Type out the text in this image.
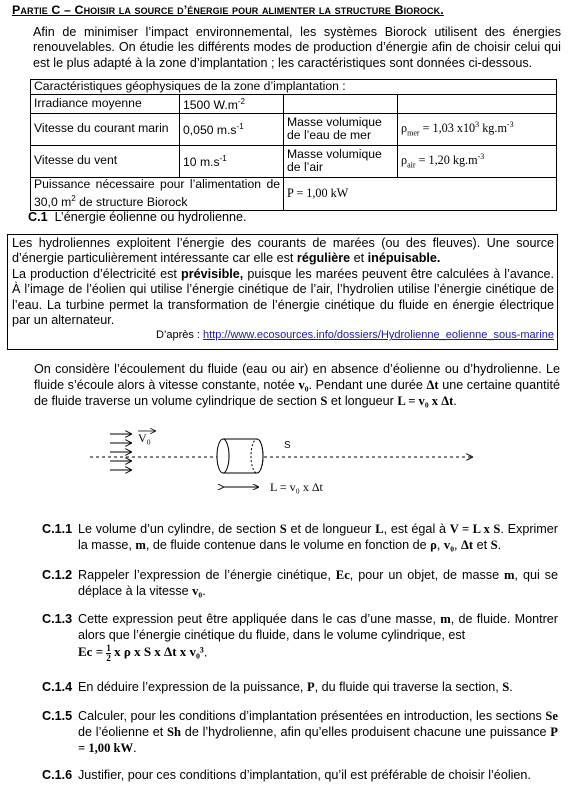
Partie C – Choisir la source d’énergie pour alimenter la structure Biorock.
Afin de minimiser l’impact environnemental, les systèmes Biorock utilisent des énergies renouvelables. On étudie les différents modes de production d’énergie afin de choisir celui qui est le plus adapté à la zone d’implantation ; les caractéristiques sont données ci-dessous.
Caractéristiques géophysiques de la zone d’implantation :			
Irradiance moyenne	1500 $W.m^{-2}$		
Vitesse du courant marin	0,050 $m.s^{-1}$	Masse volumique de l’eau de mer	$\rho_{mer} = 1,03$ $x10^3$ $kg.m^{-3}$
Vitesse du vent	10 $m.s^{-1}$	Masse volumique de l’air	$\rho_{air} = 1,20$ $kg.m^{-3}$
Puissance nécessaire pour l’alimentation de 30,0 $m^2$ de structure Biorock		P = 1,00 kW	
C.1 L’énergie éolienne ou hydrolienne.
Les hydroliennes exploitent l’énergie des courants de marées (ou des fleuves). Une source d’énergie particulièrement intéressante car elle est régulière et inépuisable.
La production d’électricité est prévisible, puisque les marées peuvent être calculées à l’avance. À l’image de l’éolien qui utilise l’énergie cinétique de l’air, l’hydrolien utilise l’énergie cinétique de l’eau. La turbine permet la transformation de l’énergie cinétique du fluide en énergie électrique par un alternateur.
D’après : http://www.ecosources.info/dossiers/Hydrolienne_eolienne_sous-marine
On considère l’écoulement du fluide (eau ou air) en absence d’éolienne ou d’hydrolienne. Le fluide s’écoule alors à vitesse constante, notée v₀. Pendant une durée Δt une certaine quantité de fluide traverse un volume cylindrique de section S et longueur L = v₀ x Δt.
V₀
S
L = v₀ x Δt
C.1.1 Le volume d’un cylindre, de section S et de longueur L, est égal à V = L x S. Exprimer la masse, m, de fluide contenue dans le volume en fonction de ρ, v₀, Δt et S.
C.1.2 Rappeler l’expression de l’énergie cinétique, Ec, pour un objet, de masse m, qui se déplace à la vitesse v₀.
C.1.3 Cette expression peut être appliquée dans le cas d’une masse, m, de fluide. Montrer alors que l’énergie cinétique du fluide, dans le volume cylindrique, est
$Ec = \frac{1}{2}$ x ρ x S x Δt x v₀³.
C.1.4 En déduire l’expression de la puissance, P, du fluide qui traverse la section, S.
C.1.5 Calculer, pour les conditions d’implantation présentées en introduction, les sections Se de l’éolienne et Sh de l’hydrolienne, afin qu’elles produisent chacune une puissance P = 1,00 kW.
C.1.6 Justifier, pour ces conditions d’implantation, qu’il est préférable de choisir l’éolien.
